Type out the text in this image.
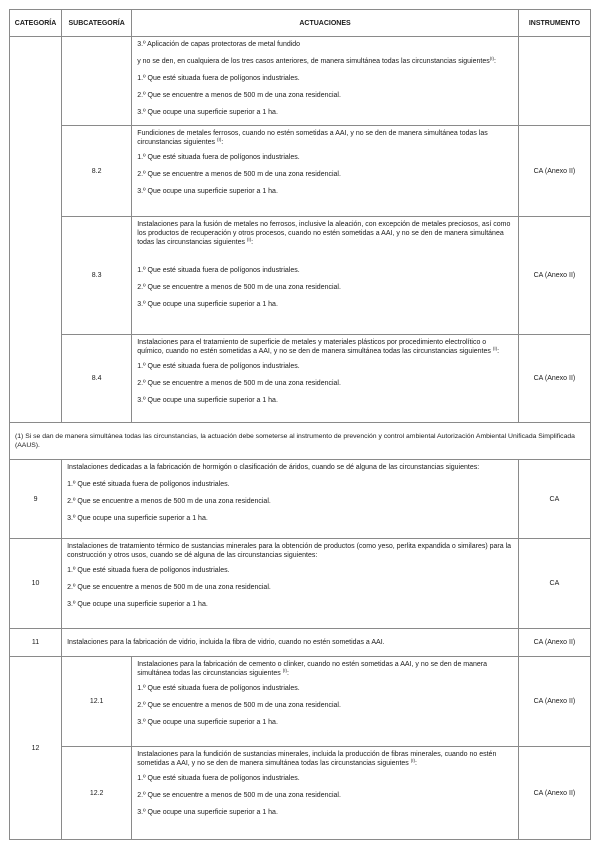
CATEGORÍA	SUBCATEGORÍA	ACTUACIONES	INSTRUMENTO

		3.º Aplicación de capas protectoras de metal fundido

y no se den, en cualquiera de los tres casos anteriores, de manera simultánea todas las circunstancias siguientes$^{(I)}$:

1.º Que esté situada fuera de polígonos industriales.

2.º Que se encuentre a menos de 500 m de una zona residencial.

3.º Que ocupe una superficie superior a 1 ha.	

	8.2	Fundiciones de metales ferrosos, cuando no estén sometidas a AAI, y no se den de manera simultánea todas las circunstancias siguientes $^{(I)}$:

1.º Que esté situada fuera de polígonos industriales.

2.º Que se encuentre a menos de 500 m de una zona residencial.

3.º Que ocupe una superficie superior a 1 ha.	CA (Anexo II)
	8.3	Instalaciones para la fusión de metales no ferrosos, inclusive la aleación, con excepción de metales preciosos, así como los productos de recuperación y otros procesos, cuando no estén sometidas a AAI, y no se den de manera simultánea todas las circunstancias siguientes $^{(I)}$:

1.º Que esté situada fuera de polígonos industriales.

2.º Que se encuentre a menos de 500 m de una zona residencial.

3.º Que ocupe una superficie superior a 1 ha.	CA (Anexo II)
	8.4	Instalaciones para el tratamiento de superficie de metales y materiales plásticos por procedimiento electrolítico o químico, cuando no estén sometidas a AAI, y no se den de manera simultánea todas las circunstancias siguientes $^{(I)}$:

1.º Que esté situada fuera de polígonos industriales.

2.º Que se encuentre a menos de 500 m de una zona residencial.

3.º Que ocupe una superficie superior a 1 ha.	CA (Anexo II)
(1) Si se dan de manera simultánea todas las circunstancias, la actuación debe someterse al instrumento de prevención y control ambiental Autorización Ambiental Unificada Simplificada (AAUS).			
9	Instalaciones dedicadas a la fabricación de hormigón o clasificación de áridos, cuando se dé alguna de las circunstancias siguientes:

1.º Que esté situada fuera de polígonos industriales.

2.º Que se encuentre a menos de 500 m de una zona residencial.

3.º Que ocupe una superficie superior a 1 ha.		CA
10	Instalaciones de tratamiento térmico de sustancias minerales para la obtención de productos (como yeso, perlita expandida o similares) para la construcción y otros usos, cuando se dé alguna de las circunstancias siguientes:

1.º Que esté situada fuera de polígonos industriales.

2.º Que se encuentre a menos de 500 m de una zona residencial.

3.º Que ocupe una superficie superior a 1 ha.		CA
11	Instalaciones para la fabricación de vidrio, incluida la fibra de vidrio, cuando no estén sometidas a AAI.		CA (Anexo II)
12	12.1	Instalaciones para la fabricación de cemento o clinker, cuando no estén sometidas a AAI, y no se den de manera simultánea todas las circunstancias siguientes $^{(I)}$:

1.º Que esté situada fuera de polígonos industriales.

2.º Que se encuentre a menos de 500 m de una zona residencial.

3.º Que ocupe una superficie superior a 1 ha.	CA (Anexo II)
	12.2	Instalaciones para la fundición de sustancias minerales, incluida la producción de fibras minerales, cuando no estén sometidas a AAI, y no se den de manera simultánea todas las circunstancias siguientes $^{(I)}$:

1.º Que esté situada fuera de polígonos industriales.

2.º Que se encuentre a menos de 500 m de una zona residencial.

3.º Que ocupe una superficie superior a 1 ha.	CA (Anexo II)
